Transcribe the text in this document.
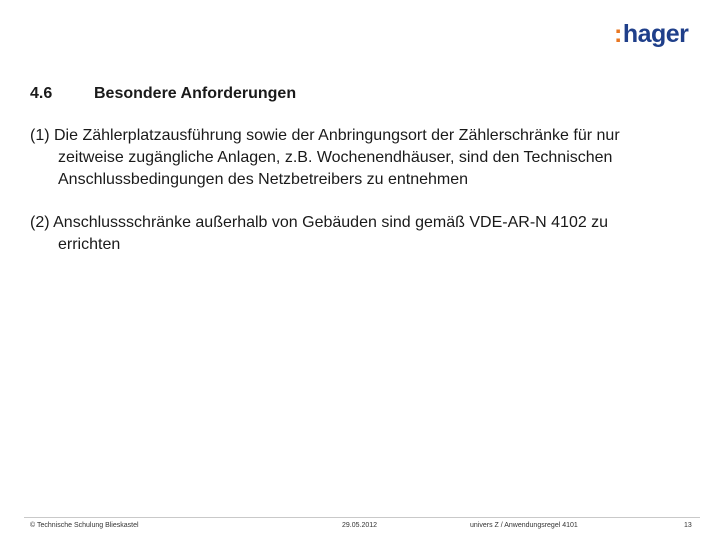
: hager
4.6	Besondere Anforderungen
(1) Die Zählerplatzausführung sowie der Anbringungsort der Zählerschränke für nur
zeitweise zugängliche Anlagen, z.B. Wochenendhäuser, sind den Technischen
Anschlussbedingungen des Netzbetreibers zu entnehmen
(2) Anschlussschränke außerhalb von Gebäuden sind gemäß VDE-AR-N 4102 zu
errichten
© Technische Schulung Blieskastel	29.05.2012	univers Z / Anwendungsregel 4101	13
